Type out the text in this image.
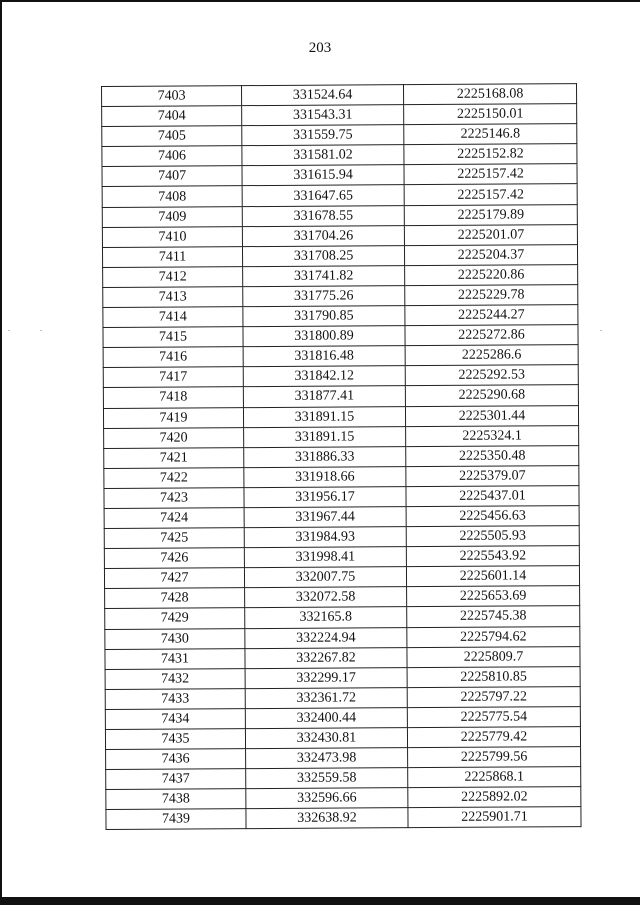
203
7403	331524.64	2225168.08
7404	331543.31	2225150.01
7405	331559.75	2225146.8
7406	331581.02	2225152.82
7407	331615.94	2225157.42
7408	331647.65	2225157.42
7409	331678.55	2225179.89
7410	331704.26	2225201.07
7411	331708.25	2225204.37
7412	331741.82	2225220.86
7413	331775.26	2225229.78
7414	331790.85	2225244.27
7415	331800.89	2225272.86
7416	331816.48	2225286.6
7417	331842.12	2225292.53
7418	331877.41	2225290.68
7419	331891.15	2225301.44
7420	331891.15	2225324.1
7421	331886.33	2225350.48
7422	331918.66	2225379.07
7423	331956.17	2225437.01
7424	331967.44	2225456.63
7425	331984.93	2225505.93
7426	331998.41	2225543.92
7427	332007.75	2225601.14
7428	332072.58	2225653.69
7429	332165.8	2225745.38
7430	332224.94	2225794.62
7431	332267.82	2225809.7
7432	332299.17	2225810.85
7433	332361.72	2225797.22
7434	332400.44	2225775.54
7435	332430.81	2225779.42
7436	332473.98	2225799.56
7437	332559.58	2225868.1
7438	332596.66	2225892.02
7439	332638.92	2225901.71
